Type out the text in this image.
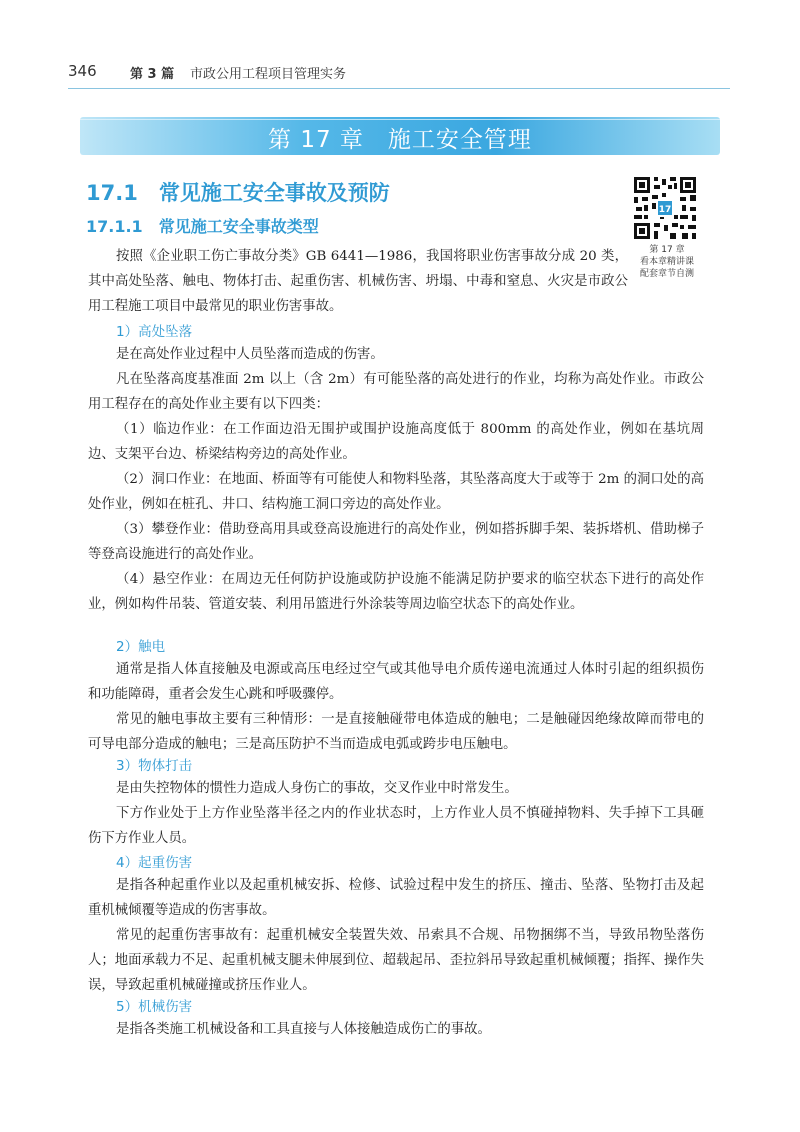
346	第 3 篇 市政公用工程项目管理实务
第 17 章　施工安全管理
17.1　常见施工安全事故及预防
17.1.1　常见施工安全事故类型
17
第 17 章
看本章精讲课
配套章节自测
按照《企业职工伤亡事故分类》GB 6441—1986，我国将职业伤害事故分成 20 类，其中高处坠落、触电、物体打击、起重伤害、机械伤害、坍塌、中毒和窒息、火灾是市政公用工程施工项目中最常见的职业伤害事故。
1）高处坠落
是在高处作业过程中人员坠落而造成的伤害。
凡在坠落高度基准面 2m 以上（含 2m）有可能坠落的高处进行的作业，均称为高处作业。市政公用工程存在的高处作业主要有以下四类：
（1）临边作业：在工作面边沿无围护或围护设施高度低于 800mm 的高处作业，例如在基坑周边、支架平台边、桥梁结构旁边的高处作业。
（2）洞口作业：在地面、桥面等有可能使人和物料坠落，其坠落高度大于或等于 2m 的洞口处的高处作业，例如在桩孔、井口、结构施工洞口旁边的高处作业。
（3）攀登作业：借助登高用具或登高设施进行的高处作业，例如搭拆脚手架、装拆塔机、借助梯子等登高设施进行的高处作业。
（4）悬空作业：在周边无任何防护设施或防护设施不能满足防护要求的临空状态下进行的高处作业，例如构件吊装、管道安装、利用吊篮进行外涂装等周边临空状态下的高处作业。
2）触电
通常是指人体直接触及电源或高压电经过空气或其他导电介质传递电流通过人体时引起的组织损伤和功能障碍，重者会发生心跳和呼吸骤停。
常见的触电事故主要有三种情形：一是直接触碰带电体造成的触电；二是触碰因绝缘故障而带电的可导电部分造成的触电；三是高压防护不当而造成电弧或跨步电压触电。
3）物体打击
是由失控物体的惯性力造成人身伤亡的事故，交叉作业中时常发生。
下方作业处于上方作业坠落半径之内的作业状态时，上方作业人员不慎碰掉物料、失手掉下工具砸伤下方作业人员。
4）起重伤害
是指各种起重作业以及起重机械安拆、检修、试验过程中发生的挤压、撞击、坠落、坠物打击及起重机械倾覆等造成的伤害事故。
常见的起重伤害事故有：起重机械安全装置失效、吊索具不合规、吊物捆绑不当，导致吊物坠落伤人；地面承载力不足、起重机械支腿未伸展到位、超载起吊、歪拉斜吊导致起重机械倾覆；指挥、操作失误，导致起重机械碰撞或挤压作业人。
5）机械伤害
是指各类施工机械设备和工具直接与人体接触造成伤亡的事故。
